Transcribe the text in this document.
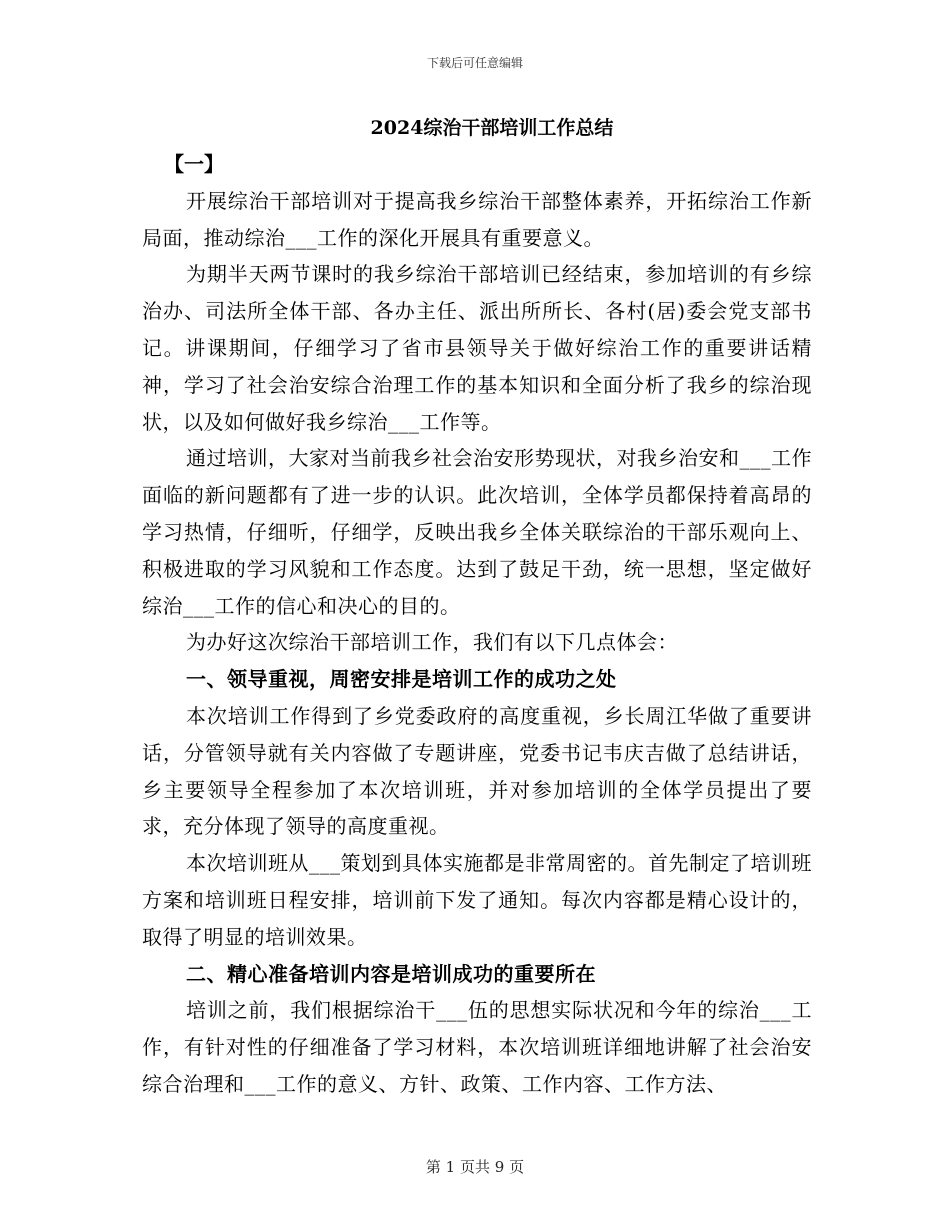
下载后可任意编辑
2024综治干部培训工作总结
【一】

开展综治干部培训对于提高我乡综治干部整体素养，开拓综治工作新局面，推动综治___工作的深化开展具有重要意义。

为期半天两节课时的我乡综治干部培训已经结束，参加培训的有乡综治办、司法所全体干部、各办主任、派出所所长、各村(居)委会党支部书记。讲课期间，仔细学习了省市县领导关于做好综治工作的重要讲话精神，学习了社会治安综合治理工作的基本知识和全面分析了我乡的综治现状，以及如何做好我乡综治___工作等。

通过培训，大家对当前我乡社会治安形势现状，对我乡治安和___工作面临的新问题都有了进一步的认识。此次培训，全体学员都保持着高昂的学习热情，仔细听，仔细学，反映出我乡全体关联综治的干部乐观向上、积极进取的学习风貌和工作态度。达到了鼓足干劲，统一思想，坚定做好综治___工作的信心和决心的目的。

为办好这次综治干部培训工作，我们有以下几点体会：

一、领导重视，周密安排是培训工作的成功之处

本次培训工作得到了乡党委政府的高度重视，乡长周江华做了重要讲话，分管领导就有关内容做了专题讲座，党委书记韦庆吉做了总结讲话，乡主要领导全程参加了本次培训班，并对参加培训的全体学员提出了要求，充分体现了领导的高度重视。

本次培训班从___策划到具体实施都是非常周密的。首先制定了培训班方案和培训班日程安排，培训前下发了通知。每次内容都是精心设计的，取得了明显的培训效果。

二、精心准备培训内容是培训成功的重要所在

培训之前，我们根据综治干___伍的思想实际状况和今年的综治___工作，有针对性的仔细准备了学习材料，本次培训班详细地讲解了社会治安综合治理和___工作的意义、方针、政策、工作内容、工作方法、

第 1 页共 9 页
